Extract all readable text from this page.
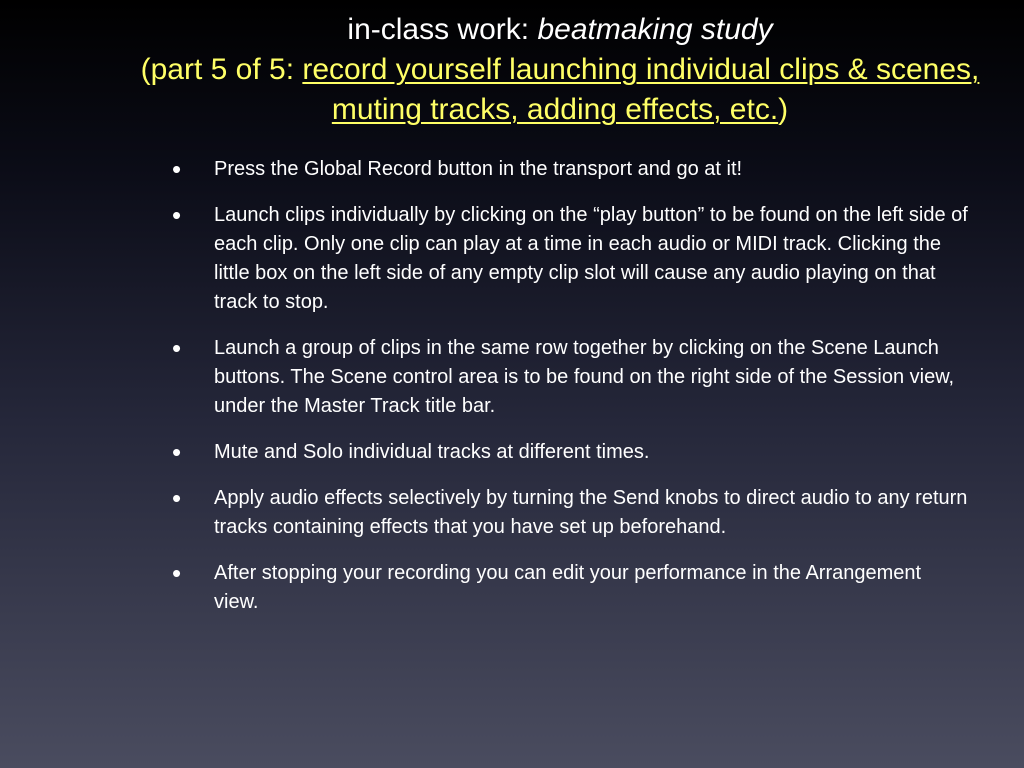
in-class work: beatmaking study
(part 5 of 5: record yourself launching individual clips & scenes, muting tracks, adding effects, etc.)
• Press the Global Record button in the transport and go at it!
• Launch clips individually by clicking on the “play button” to be found on the left side of each clip. Only one clip can play at a time in each audio or MIDI track. Clicking the little box on the left side of any empty clip slot will cause any audio playing on that track to stop.
• Launch a group of clips in the same row together by clicking on the Scene Launch buttons. The Scene control area is to be found on the right side of the Session view, under the Master Track title bar.
• Mute and Solo individual tracks at different times.
• Apply audio effects selectively by turning the Send knobs to direct audio to any return tracks containing effects that you have set up beforehand.
• After stopping your recording you can edit your performance in the Arrangement view.
